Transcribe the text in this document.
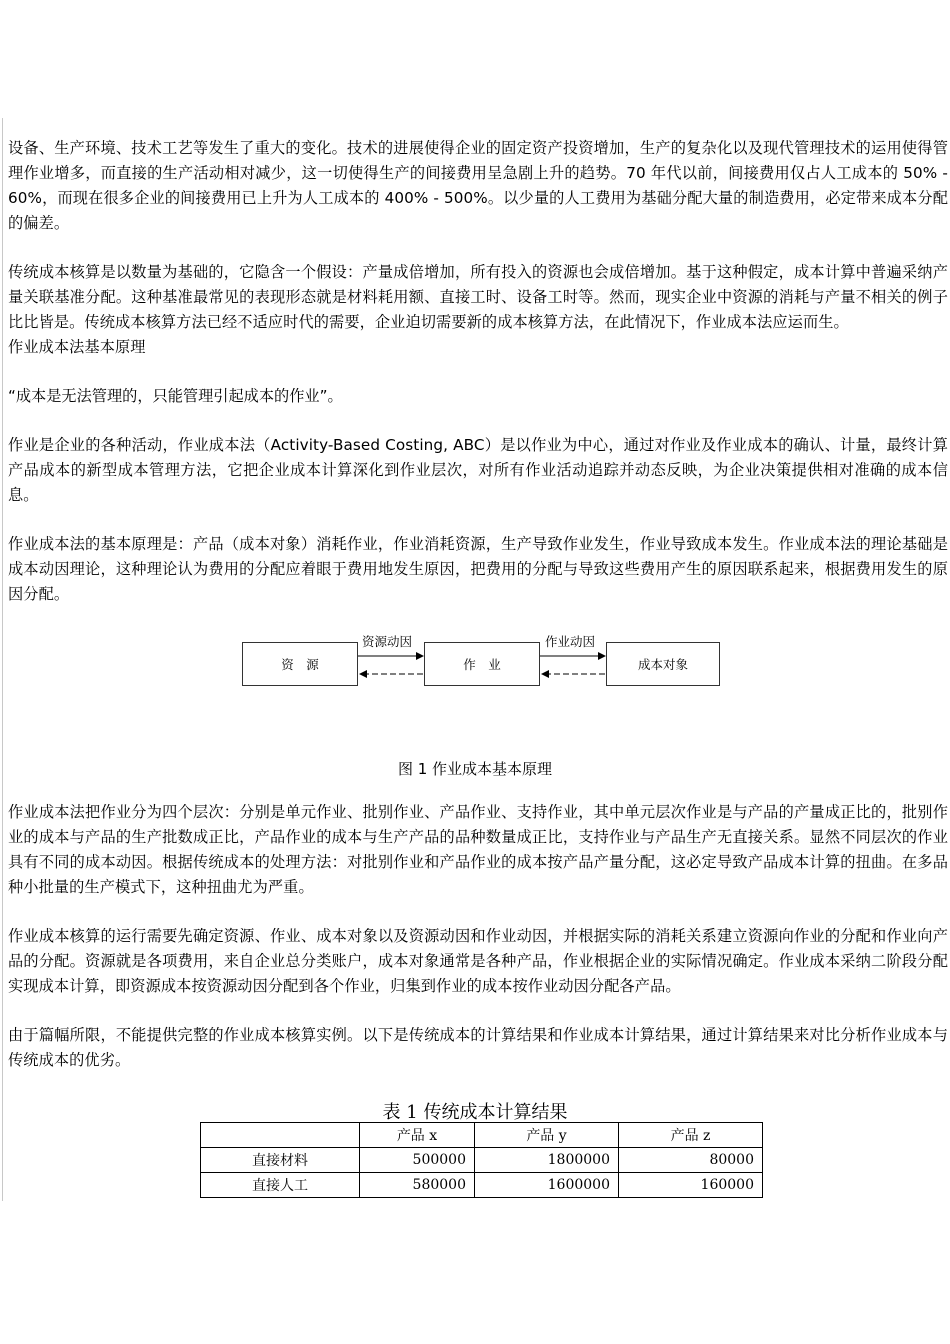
设备、生产环境、技术工艺等发生了重大的变化。技术的进展使得企业的固定资产投资增加，生产的复杂化以及现代管理技术的运用使得管理作业增多，而直接的生产活动相对减少，这一切使得生产的间接费用呈急剧上升的趋势。70 年代以前，间接费用仅占人工成本的 50% - 60%，而现在很多企业的间接费用已上升为人工成本的 400% - 500%。以少量的人工费用为基础分配大量的制造费用，必定带来成本分配的偏差。

传统成本核算是以数量为基础的，它隐含一个假设：产量成倍增加，所有投入的资源也会成倍增加。基于这种假定，成本计算中普遍采纳产量关联基准分配。这种基准最常见的表现形态就是材料耗用额、直接工时、设备工时等。然而，现实企业中资源的消耗与产量不相关的例子比比皆是。传统成本核算方法已经不适应时代的需要，企业迫切需要新的成本核算方法，在此情况下，作业成本法应运而生。

作业成本法基本原理

“成本是无法管理的，只能管理引起成本的作业”。

作业是企业的各种活动，作业成本法（Activity-Based Costing, ABC）是以作业为中心，通过对作业及作业成本的确认、计量，最终计算产品成本的新型成本管理方法，它把企业成本计算深化到作业层次，对所有作业活动追踪并动态反映，为企业决策提供相对准确的成本信息。

作业成本法的基本原理是：产品（成本对象）消耗作业，作业消耗资源，生产导致作业发生，作业导致成本发生。作业成本法的理论基础是成本动因理论，这种理论认为费用的分配应着眼于费用地发生原因，把费用的分配与导致这些费用产生的原因联系起来，根据费用发生的原因分配。

资　源	作　业	成本对象
资源动因	作业动因
图 1 作业成本基本原理

作业成本法把作业分为四个层次：分别是单元作业、批别作业、产品作业、支持作业，其中单元层次作业是与产品的产量成正比的，批别作业的成本与产品的生产批数成正比，产品作业的成本与生产产品的品种数量成正比，支持作业与产品生产无直接关系。显然不同层次的作业具有不同的成本动因。根据传统成本的处理方法：对批别作业和产品作业的成本按产品产量分配，这必定导致产品成本计算的扭曲。在多品种小批量的生产模式下，这种扭曲尤为严重。

作业成本核算的运行需要先确定资源、作业、成本对象以及资源动因和作业动因，并根据实际的消耗关系建立资源向作业的分配和作业向产品的分配。资源就是各项费用，来自企业总分类账户，成本对象通常是各种产品，作业根据企业的实际情况确定。作业成本采纳二阶段分配实现成本计算，即资源成本按资源动因分配到各个作业，归集到作业的成本按作业动因分配各产品。

由于篇幅所限，不能提供完整的作业成本核算实例。以下是传统成本的计算结果和作业成本计算结果，通过计算结果来对比分析作业成本与传统成本的优劣。

表 1 传统成本计算结果
	产品 x	产品 y	产品 z
直接材料	500000	1800000	80000
直接人工	580000	1600000	160000
